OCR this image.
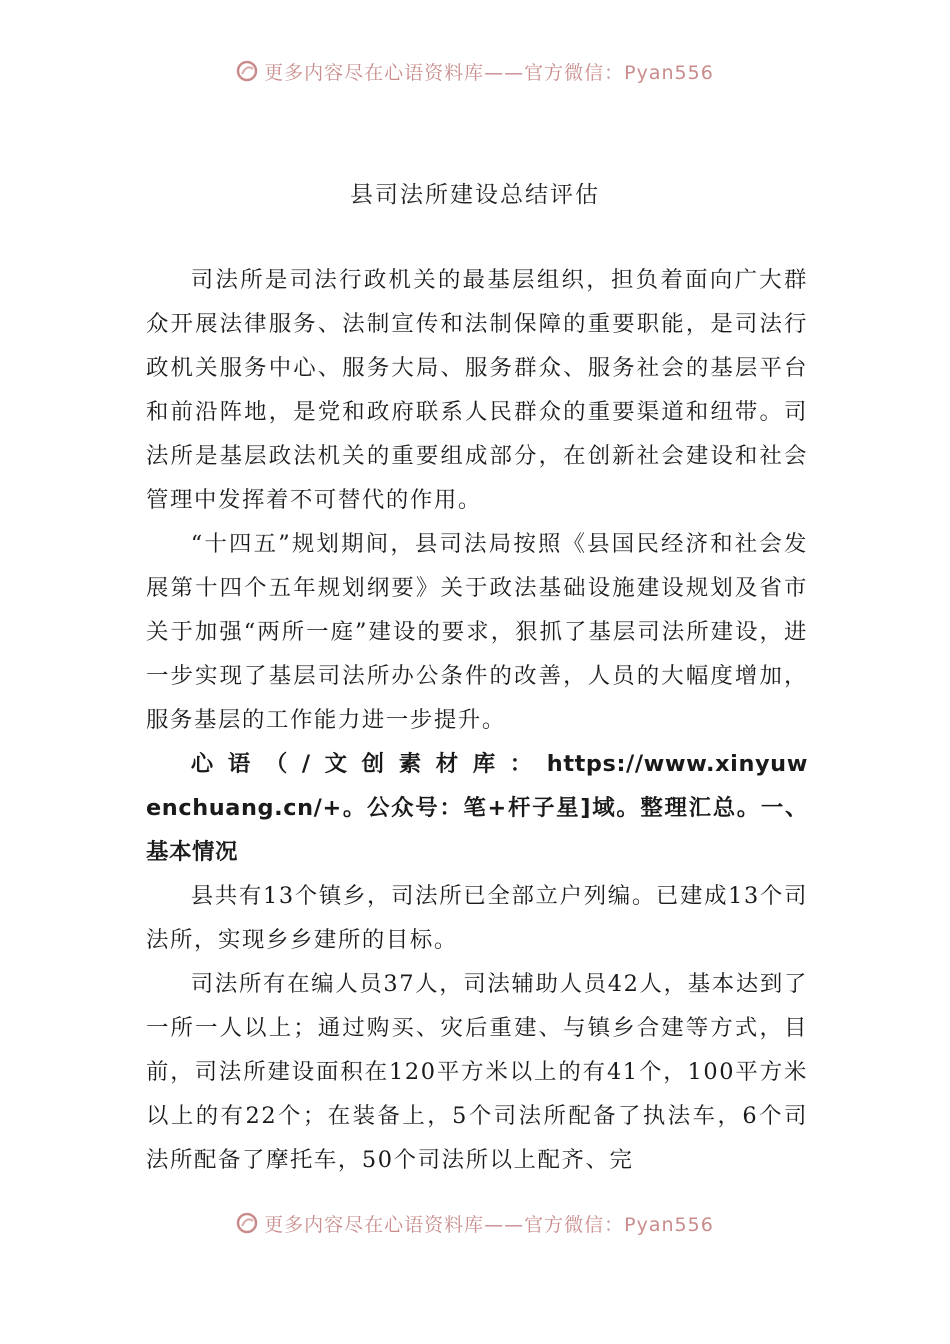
更多内容尽在心语资料库——官方微信：Pyan556
县司法所建设总结评估

司法所是司法行政机关的最基层组织，担负着面向广大群众开展法律服务、法制宣传和法制保障的重要职能，是司法行政机关服务中心、服务大局、服务群众、服务社会的基层平台和前沿阵地，是党和政府联系人民群众的重要渠道和纽带。司法所是基层政法机关的重要组成部分，在创新社会建设和社会管理中发挥着不可替代的作用。

“十四五”规划期间，县司法局按照《县国民经济和社会发展第十四个五年规划纲要》关于政法基础设施建设规划及省市关于加强“两所一庭”建设的要求，狠抓了基层司法所建设，进一步实现了基层司法所办公条件的改善，人员的大幅度增加，服务基层的工作能力进一步提升。

心语（/文创素材库：https://www.xinyuwenchuang.cn/+。公众号：笔+杆子星]域。整理汇总。一、基本情况

县共有13个镇乡，司法所已全部立户列编。已建成13个司法所，实现乡乡建所的目标。

司法所有在编人员37人，司法辅助人员42人，基本达到了一所一人以上；通过购买、灾后重建、与镇乡合建等方式，目前，司法所建设面积在120平方米以上的有41个，100平方米以上的有22个；在装备上，5个司法所配备了执法车，6个司法所配备了摩托车，50个司法所以上配齐、完

更多内容尽在心语资料库——官方微信：Pyan556
